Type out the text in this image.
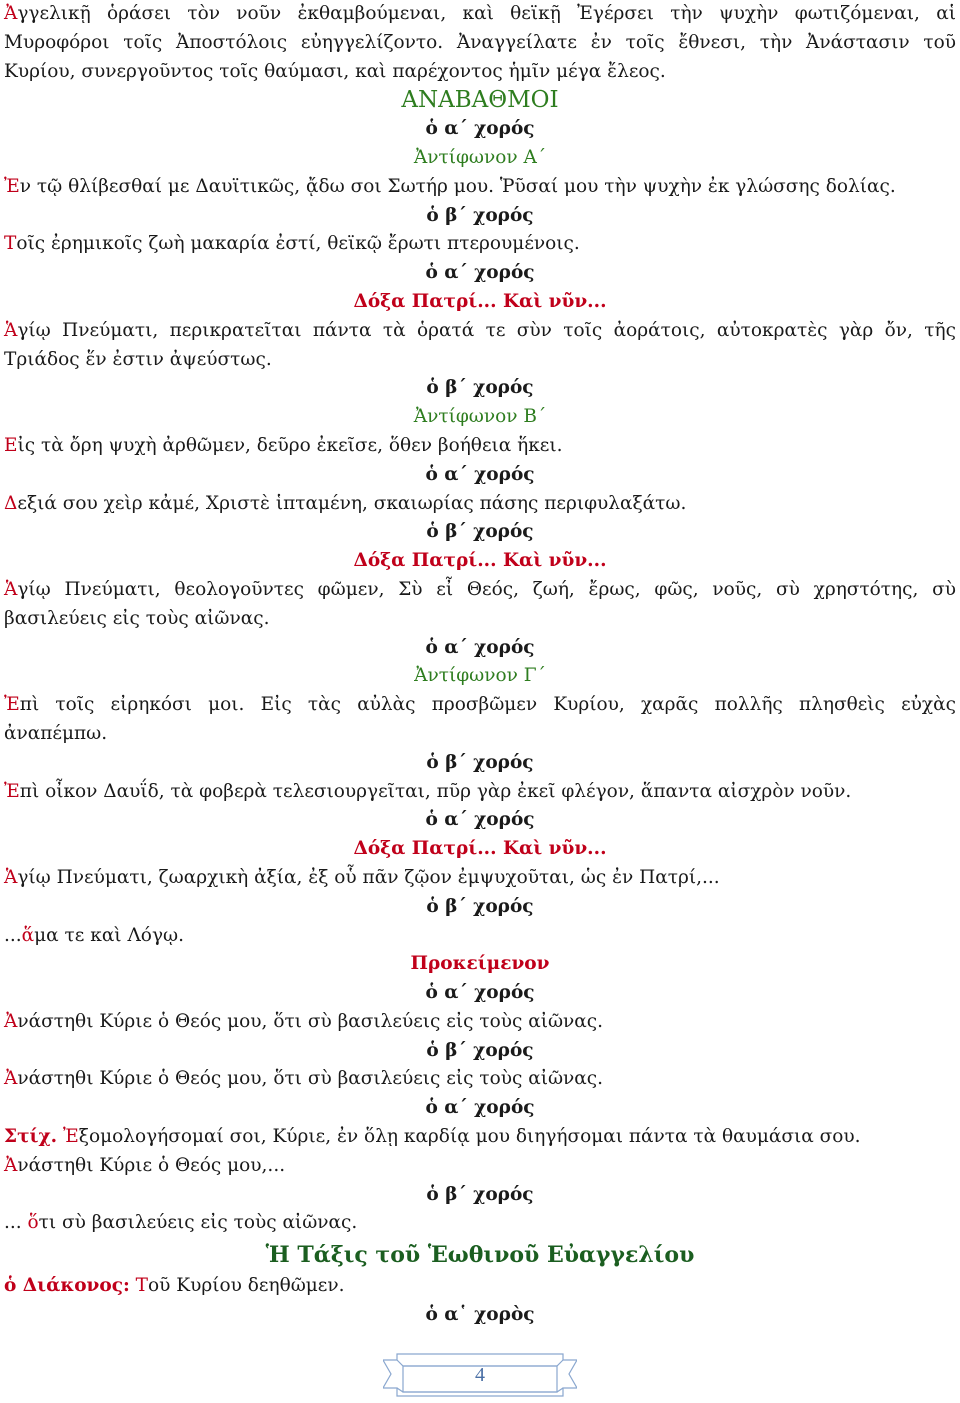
Ἀγγελικῇ ὁράσει τὸν νοῦν ἐκθαμβούμεναι, καὶ θεϊκῇ Ἐγέρσει τὴν ψυχὴν φωτιζόμεναι, αἱ

Μυροφόροι τοῖς Ἀποστόλοις εὐηγγελίζοντο. Ἀναγγείλατε ἐν τοῖς ἔθνεσι, τὴν Ἀνάστασιν τοῦ

Κυρίου, συνεργοῦντος τοῖς θαύμασι, καὶ παρέχοντος ἡμῖν μέγα ἔλεος.

ΑΝΑΒΑΘΜΟΙ

ὁ α΄ χορός

Ἀντίφωνον Α΄

Ἐν τῷ θλίβεσθαί με Δαυϊτικῶς, ᾄδω σοι Σωτήρ μου. Ῥῦσαί μου τὴν ψυχὴν ἐκ γλώσσης δολίας.

ὁ β΄ χορός

Τοῖς ἐρημικοῖς ζωὴ μακαρία ἐστί, θεϊκῷ ἔρωτι πτερουμένοις.

ὁ α΄ χορός

Δόξα Πατρί... Καὶ νῦν...

Ἁγίῳ Πνεύματι, περικρατεῖται πάντα τὰ ὁρατά τε σὺν τοῖς ἀοράτοις, αὐτοκρατὲς γὰρ ὄν, τῆς

Τριάδος ἕν ἐστιν ἀψεύστως.

ὁ β΄ χορός

Ἀντίφωνον Β΄

Εἰς τὰ ὄρη ψυχὴ ἀρθῶμεν, δεῦρο ἐκεῖσε, ὅθεν βοήθεια ἥκει.

ὁ α΄ χορός

Δεξιά σου χεὶρ κἀμέ, Χριστὲ ἱπταμένη, σκαιωρίας πάσης περιφυλαξάτω.

ὁ β΄ χορός

Δόξα Πατρί... Καὶ νῦν...

Ἁγίῳ Πνεύματι, θεολογοῦντες φῶμεν, Σὺ εἶ Θεός, ζωή, ἔρως, φῶς, νοῦς, σὺ χρηστότης, σὺ

βασιλεύεις εἰς τοὺς αἰῶνας.

ὁ α΄ χορός

Ἀντίφωνον Γ΄

Ἐπὶ τοῖς εἰρηκόσι μοι. Εἰς τὰς αὐλὰς προσβῶμεν Κυρίου, χαρᾶς πολλῆς πλησθεὶς εὐχὰς

ἀναπέμπω.

ὁ β΄ χορός

Ἐπὶ οἶκον Δαυΐδ, τὰ φοβερὰ τελεσιουργεῖται, πῦρ γὰρ ἐκεῖ φλέγον, ἅπαντα αἰσχρὸν νοῦν.

ὁ α΄ χορός

Δόξα Πατρί... Καὶ νῦν...

Ἁγίῳ Πνεύματι, ζωαρχικὴ ἀξία, ἐξ οὗ πᾶν ζῷον ἐμψυχοῦται, ὡς ἐν Πατρί,...

ὁ β΄ χορός

...ἅμα τε καὶ Λόγῳ.

Προκείμενον

ὁ α΄ χορός

Ἀνάστηθι Κύριε ὁ Θεός μου, ὅτι σὺ βασιλεύεις εἰς τοὺς αἰῶνας.

ὁ β΄ χορός

Ἀνάστηθι Κύριε ὁ Θεός μου, ὅτι σὺ βασιλεύεις εἰς τοὺς αἰῶνας.

ὁ α΄ χορός

Στίχ. Ἐξομολογήσομαί σοι, Κύριε, ἐν ὅλῃ καρδίᾳ μου διηγήσομαι πάντα τὰ θαυμάσια σου.

Ἀνάστηθι Κύριε ὁ Θεός μου,...

ὁ β΄ χορός

... ὅτι σὺ βασιλεύεις εἰς τοὺς αἰῶνας.

Ἡ Τάξις τοῦ Ἑωθινοῦ Εὐαγγελίου

ὁ Διάκονος: Τοῦ Κυρίου δεηθῶμεν.

ὁ α῾ χορὸς

4
